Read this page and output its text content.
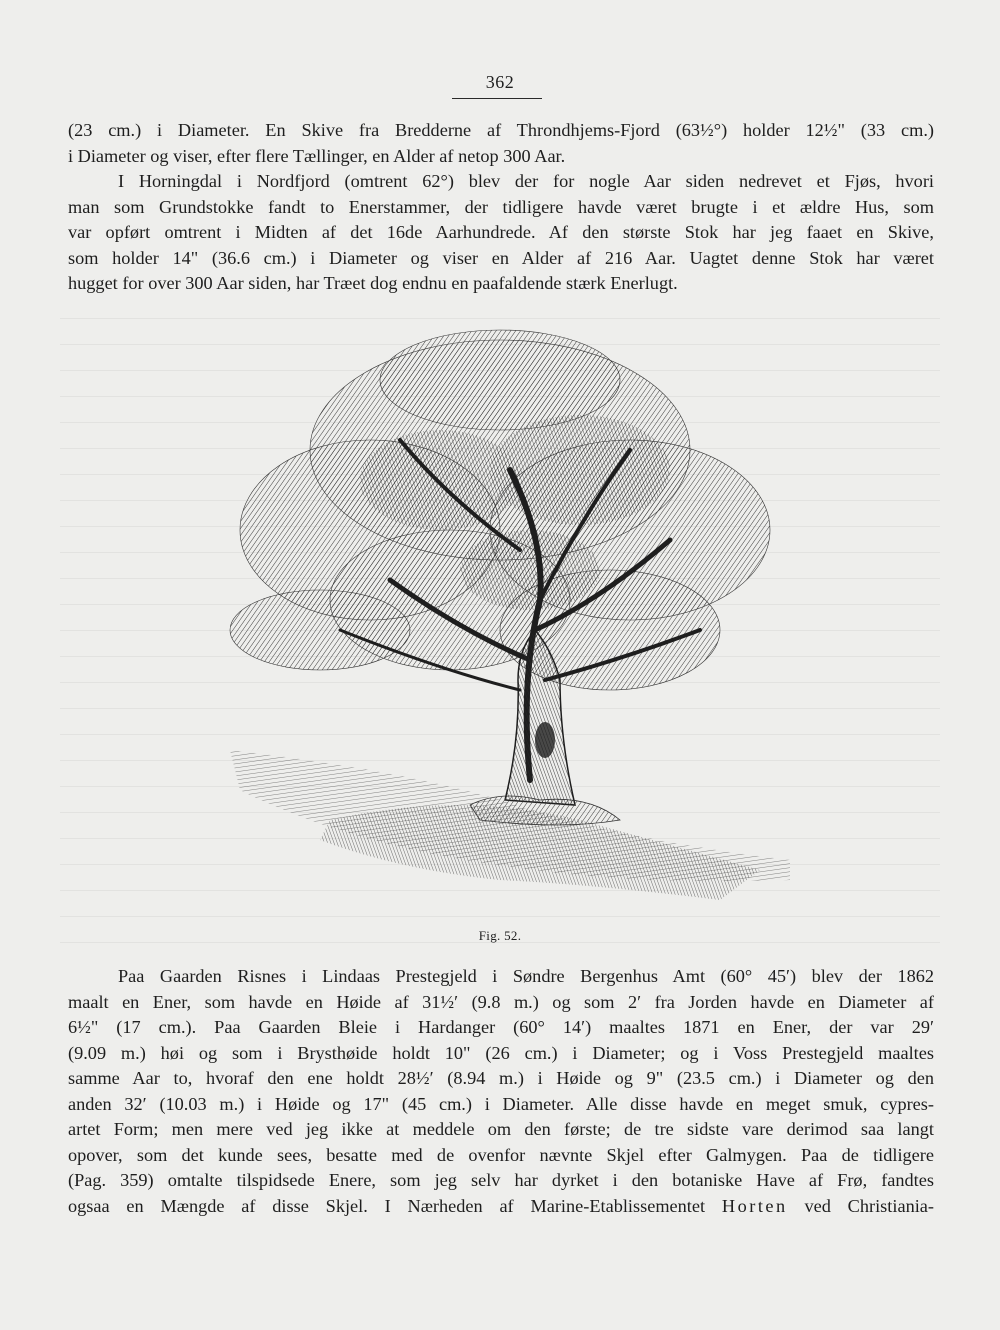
362
(23 cm.) i Diameter. En Skive fra Bredderne af Throndhjems-Fjord (63½°) holder 12½" (33 cm.)
i Diameter og viser, efter flere Tællinger, en Alder af netop 300 Aar.
I Horningdal i Nordfjord (omtrent 62°) blev der for nogle Aar siden nedrevet et Fjøs, hvori
man som Grundstokke fandt to Enerstammer, der tidligere havde været brugte i et ældre Hus, som
var opført omtrent i Midten af det 16de Aarhundrede. Af den største Stok har jeg faaet en Skive,
som holder 14" (36.6 cm.) i Diameter og viser en Alder af 216 Aar. Uagtet denne Stok har været
hugget for over 300 Aar siden, har Træet dog endnu en paafaldende stærk Enerlugt.
Fig. 52.
Paa Gaarden Risnes i Lindaas Prestegjeld i Søndre Bergenhus Amt (60° 45′) blev der 1862
maalt en Ener, som havde en Høide af 31½′ (9.8 m.) og som 2′ fra Jorden havde en Diameter af
6½" (17 cm.). Paa Gaarden Bleie i Hardanger (60° 14′) maaltes 1871 en Ener, der var 29′
(9.09 m.) høi og som i Brysthøide holdt 10" (26 cm.) i Diameter; og i Voss Prestegjeld maaltes
samme Aar to, hvoraf den ene holdt 28½′ (8.94 m.) i Høide og 9" (23.5 cm.) i Diameter og den
anden 32′ (10.03 m.) i Høide og 17" (45 cm.) i Diameter. Alle disse havde en meget smuk, cypres-
artet Form; men mere ved jeg ikke at meddele om den første; de tre sidste vare derimod saa langt
opover, som det kunde sees, besatte med de ovenfor nævnte Skjel efter Galmygen. Paa de tidligere
(Pag. 359) omtalte tilspidsede Enere, som jeg selv har dyrket i den botaniske Have af Frø, fandtes
ogsaa en Mængde af disse Skjel. I Nærheden af Marine-Etablissementet Horten ved Christiania-
